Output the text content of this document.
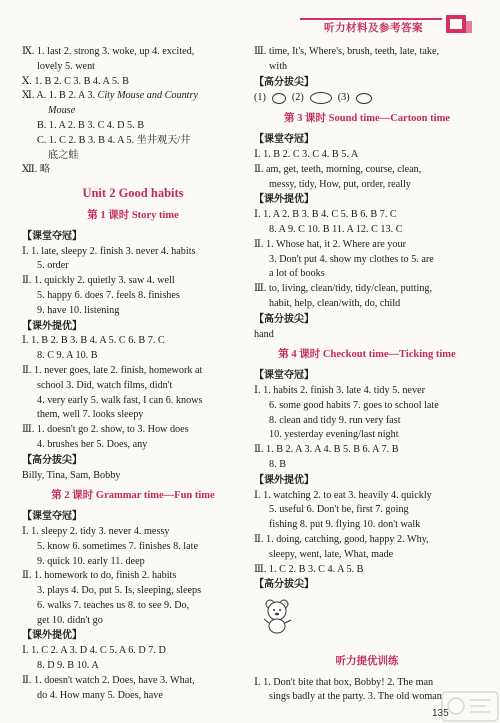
听力材料及参考答案
Ⅸ. 1. last 2. strong 3. woke, up 4. excited,
lovely 5. went
Ⅹ. 1. B 2. C 3. B 4. A 5. B
Ⅺ. A. 1. B 2. A 3. City Mouse and Country
Mouse
B. 1. A 2. B 3. C 4. D 5. B
C. 1. C 2. B 3. B 4. A 5. 坐井观天/井
底之蛙
Ⅻ. 略
Unit 2 Good habits
第 1 课时 Story time
【课堂夺冠】
Ⅰ. 1. late, sleepy 2. finish 3. never 4. habits
5. order
Ⅱ. 1. quickly 2. quietly 3. saw 4. well
5. happy 6. does 7. feels 8. finishes
9. have 10. listening
【课外提优】
Ⅰ. 1. B 2. B 3. B 4. A 5. C 6. B 7. C
8. C 9. A 10. B
Ⅱ. 1. never goes, late 2. finish, homework at
school 3. Did, watch films, didn't
4. very early 5. walk fast, I can 6. knows
them, well 7. looks sleepy
Ⅲ. 1. doesn't go 2. show, to 3. How does
4. brushes her 5. Does, any
【高分拔尖】
Billy, Tina, Sam, Bobby
第 2 课时 Grammar time—Fun time
【课堂夺冠】
Ⅰ. 1. sleepy 2. tidy 3. never 4. messy
5. know 6. sometimes 7. finishes 8. late
9. quick 10. early 11. deep
Ⅱ. 1. homework to do, finish 2. habits
3. plays 4. Do, put 5. Is, sleeping, sleeps
6. walks 7. teaches us 8. to see 9. Do,
get 10. didn't go
【课外提优】
Ⅰ. 1. C 2. A 3. D 4. C 5. A 6. D 7. D
8. D 9. B 10. A
Ⅱ. 1. doesn't watch 2. Does, have 3. What,
do 4. How many 5. Does, have
Ⅲ. time, It's, Where's, brush, teeth, late, take,
with
【高分拔尖】
(1)	(2)	(3)
第 3 课时 Sound time—Cartoon time
【课堂夺冠】
Ⅰ. 1. B 2. C 3. C 4. B 5. A
Ⅱ. am, get, teeth, morning, course, clean,
messy, tidy, How, put, order, really
【课外提优】
Ⅰ. 1. A 2. B 3. B 4. C 5. B 6. B 7. C
8. A 9. C 10. B 11. A 12. C 13. C
Ⅱ. 1. Whose hat, it 2. Where are your
3. Don't put 4. show my clothes to 5. are
a lot of books
Ⅲ. to, living, clean/tidy, tidy/clean, putting,
habit, help, clean/with, do, child
【高分拔尖】
hand
第 4 课时 Checkout time—Ticking time
【课堂夺冠】
Ⅰ. 1. habits 2. finish 3. late 4. tidy 5. never
6. some good habits 7. goes to school late
8. clean and tidy 9. run very fast
10. yesterday evening/last night
Ⅱ. 1. B 2. A 3. A 4. B 5. B 6. A 7. B
8. B
【课外提优】
Ⅰ. 1. watching 2. to eat 3. heavily 4. quickly
5. useful 6. Don't be, first 7. going
fishing 8. put 9. flying 10. don't walk
Ⅱ. 1. doing, catching, good, happy 2. Why,
sleepy, went, late, What, made
Ⅲ. 1. C 2. B 3. C 4. A 5. B
【高分拔尖】
听力提优训练
Ⅰ. 1. Don't bite that box, Bobby! 2. The man
sings badly at the party. 3. The old woman
135
